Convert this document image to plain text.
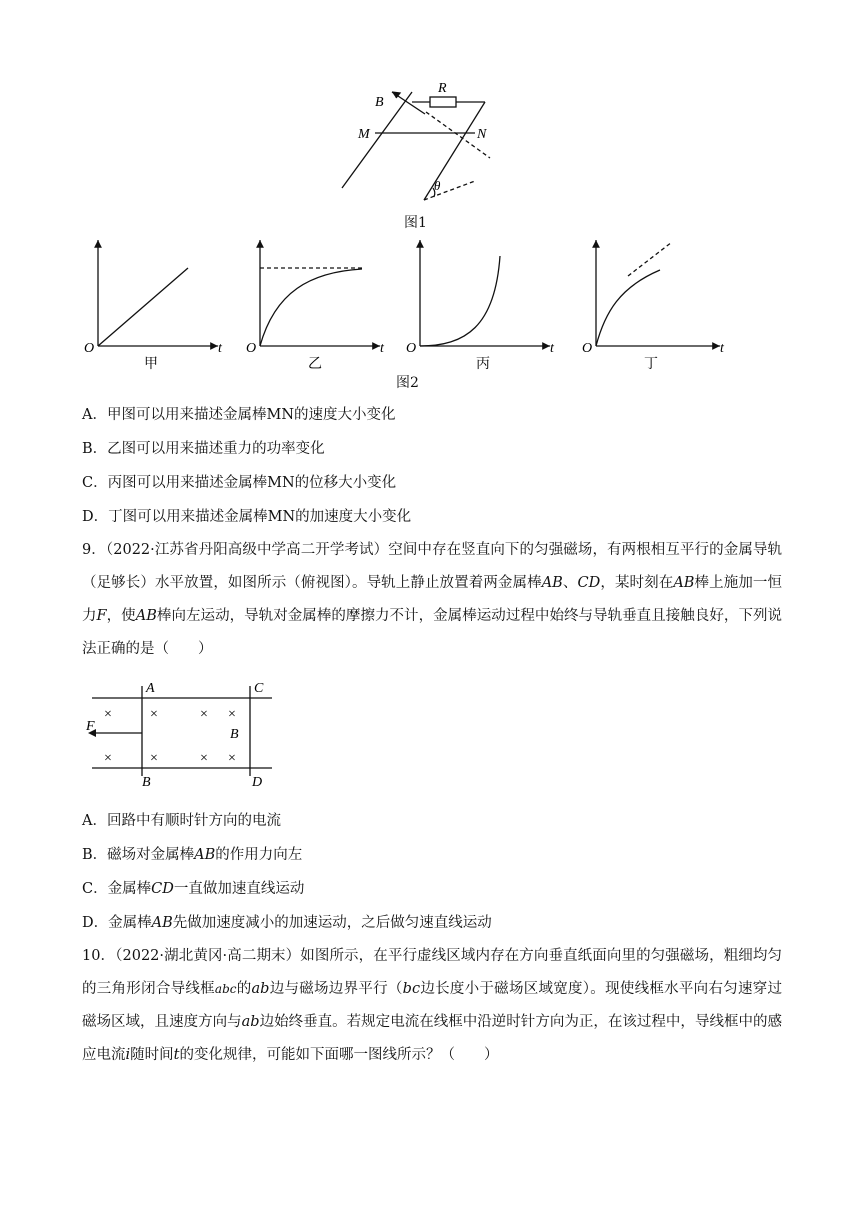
B
R
M	N
θ
图1
O	t
甲
O	t
乙
O	t
丙
O	t
丁
图2
A．甲图可以用来描述金属棒MN的速度大小变化
B．乙图可以用来描述重力的功率变化
C．丙图可以用来描述金属棒MN的位移大小变化
D．丁图可以用来描述金属棒MN的加速度大小变化
9．（2022·江苏省丹阳高级中学高二开学考试）空间中存在竖直向下的匀强磁场，有两根相互平行的金属导轨（足够长）水平放置，如图所示（俯视图）。导轨上静止放置着两金属棒AB、CD，某时刻在AB棒上施加一恒力F，使AB棒向左运动，导轨对金属棒的摩擦力不计，金属棒运动过程中始终与导轨垂直且接触良好，下列说法正确的是（　　）
A	C
F
B
B	D
×	×	× ×
×	×	× ×
A．回路中有顺时针方向的电流
B．磁场对金属棒AB的作用力向左
C．金属棒CD一直做加速直线运动
D．金属棒AB先做加速度减小的加速运动，之后做匀速直线运动
10．（2022·湖北黄冈·高二期末）如图所示，在平行虚线区域内存在方向垂直纸面向里的匀强磁场，粗细均匀的三角形闭合导线框abc的ab边与磁场边界平行（bc边长度小于磁场区域宽度）。现使线框水平向右匀速穿过磁场区域，且速度方向与ab边始终垂直。若规定电流在线框中沿逆时针方向为正，在该过程中，导线框中的感应电流i随时间t的变化规律，可能如下面哪一图线所示？（　　）
